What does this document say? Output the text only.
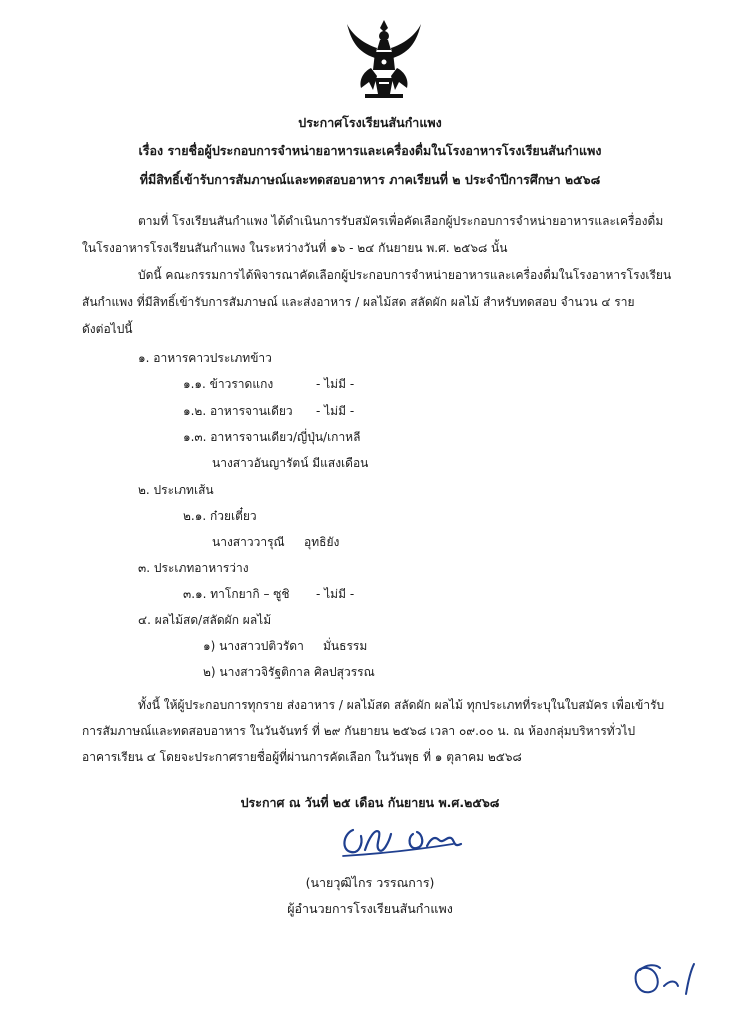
ประกาศโรงเรียนสันกำแพง
เรื่อง รายชื่อผู้ประกอบการจำหน่ายอาหารและเครื่องดื่มในโรงอาหารโรงเรียนสันกำแพง
ที่มีสิทธิ์เข้ารับการสัมภาษณ์และทดสอบอาหาร ภาคเรียนที่ ๒ ประจำปีการศึกษา ๒๕๖๘
ตามที่ โรงเรียนสันกำแพง ได้ดำเนินการรับสมัครเพื่อคัดเลือกผู้ประกอบการจำหน่ายอาหารและเครื่องดื่ม
ในโรงอาหารโรงเรียนสันกำแพง ในระหว่างวันที่ ๑๖ - ๒๔ กันยายน พ.ศ. ๒๕๖๘ นั้น
บัดนี้ คณะกรรมการได้พิจารณาคัดเลือกผู้ประกอบการจำหน่ายอาหารและเครื่องดื่มในโรงอาหารโรงเรียน
สันกำแพง ที่มีสิทธิ์เข้ารับการสัมภาษณ์ และส่งอาหาร / ผลไม้สด สลัดผัก ผลไม้ สำหรับทดสอบ จำนวน ๔ ราย
ดังต่อไปนี้
๑. อาหารคาวประเภทข้าว
๑.๑. ข้าวราดแกง	- ไม่มี -
๑.๒. อาหารจานเดียว - ไม่มี -
๑.๓. อาหารจานเดียว/ญี่ปุ่น/เกาหลี
นางสาวอันญารัตน์ มีแสงเดือน
๒. ประเภทเส้น
๒.๑. ก๋วยเตี๋ยว
นางสาววารุณี อุทธิยัง
๓. ประเภทอาหารว่าง
๓.๑. ทาโกยากิ – ซูชิ - ไม่มี -
๔. ผลไม้สด/สลัดผัก ผลไม้
๑) นางสาวปติวรัดา มั่นธรรม
๒) นางสาวจิรัฐติกาล ศิลปสุวรรณ
ทั้งนี้ ให้ผู้ประกอบการทุกราย ส่งอาหาร / ผลไม้สด สลัดผัก ผลไม้ ทุกประเภทที่ระบุในใบสมัคร เพื่อเข้ารับ
การสัมภาษณ์และทดสอบอาหาร ในวันจันทร์ ที่ ๒๙ กันยายน ๒๕๖๘ เวลา ๐๙.๐๐ น. ณ ห้องกลุ่มบริหารทั่วไป
อาคารเรียน ๔ โดยจะประกาศรายชื่อผู้ที่ผ่านการคัดเลือก ในวันพุธ ที่ ๑ ตุลาคม ๒๕๖๘
ประกาศ ณ วันที่ ๒๕ เดือน กันยายน พ.ศ.๒๕๖๘
(นายวุฒิไกร วรรณการ)
ผู้อำนวยการโรงเรียนสันกำแพง
